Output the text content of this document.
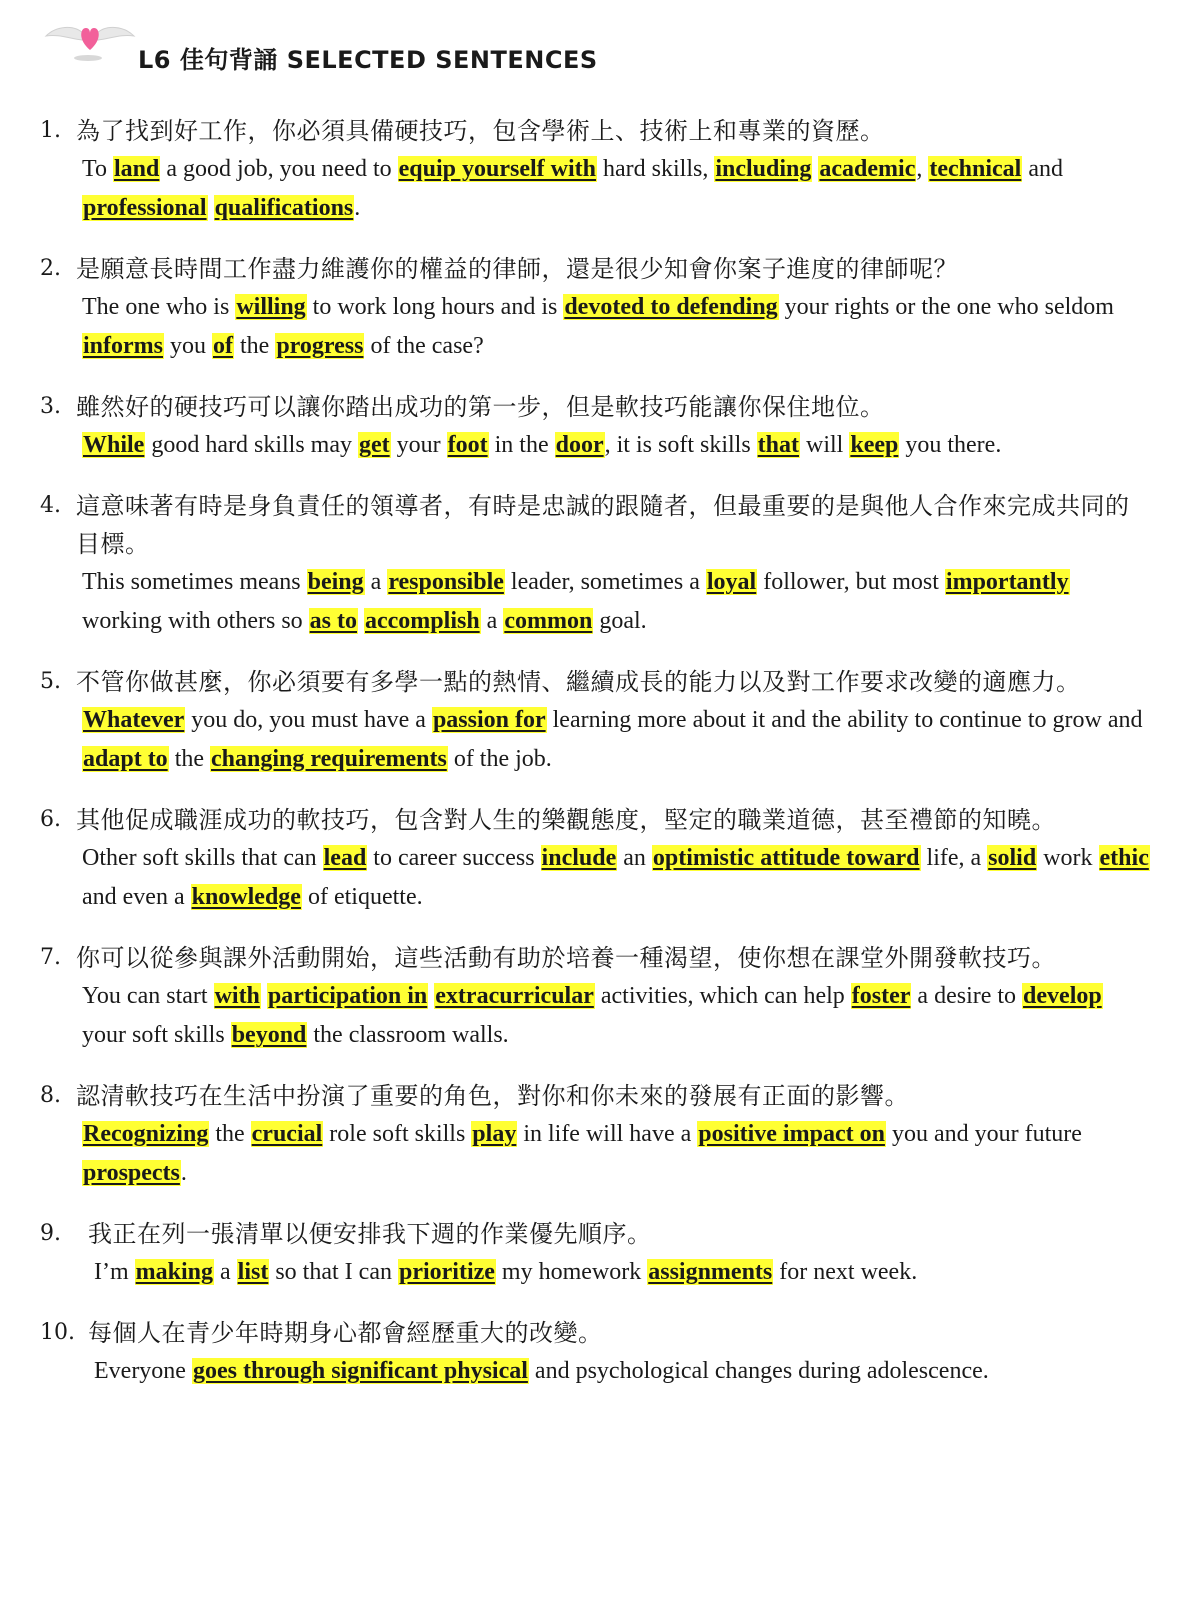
L6 佳句背誦 SELECTED SENTENCES
1. 為了找到好工作，你必須具備硬技巧，包含學術上、技術上和專業的資歷。
To land a good job, you need to equip yourself with hard skills, including academic, technical and professional qualifications.
2. 是願意長時間工作盡力維護你的權益的律師，還是很少知會你案子進度的律師呢？
The one who is willing to work long hours and is devoted to defending your rights or the one who seldom informs you of the progress of the case?
3. 雖然好的硬技巧可以讓你踏出成功的第一步，但是軟技巧能讓你保住地位。
While good hard skills may get your foot in the door, it is soft skills that will keep you there.
4. 這意味著有時是身負責任的領導者，有時是忠誠的跟隨者，但最重要的是與他人合作來完成共同的目標。
This sometimes means being a responsible leader, sometimes a loyal follower, but most importantly working with others so as to accomplish a common goal.
5. 不管你做甚麼，你必須要有多學一點的熱情、繼續成長的能力以及對工作要求改變的適應力。
Whatever you do, you must have a passion for learning more about it and the ability to continue to grow and adapt to the changing requirements of the job.
6. 其他促成職涯成功的軟技巧，包含對人生的樂觀態度，堅定的職業道德，甚至禮節的知曉。
Other soft skills that can lead to career success include an optimistic attitude toward life, a solid work ethic and even a knowledge of etiquette.
7. 你可以從參與課外活動開始，這些活動有助於培養一種渴望，使你想在課堂外開發軟技巧。
You can start with participation in extracurricular activities, which can help foster a desire to develop your soft skills beyond the classroom walls.
8. 認清軟技巧在生活中扮演了重要的角色，對你和你未來的發展有正面的影響。
Recognizing the crucial role soft skills play in life will have a positive impact on you and your future prospects.
9. 我正在列一張清單以便安排我下週的作業優先順序。
I’m making a list so that I can prioritize my homework assignments for next week.
10. 每個人在青少年時期身心都會經歷重大的改變。
Everyone goes through significant physical and psychological changes during adolescence.
